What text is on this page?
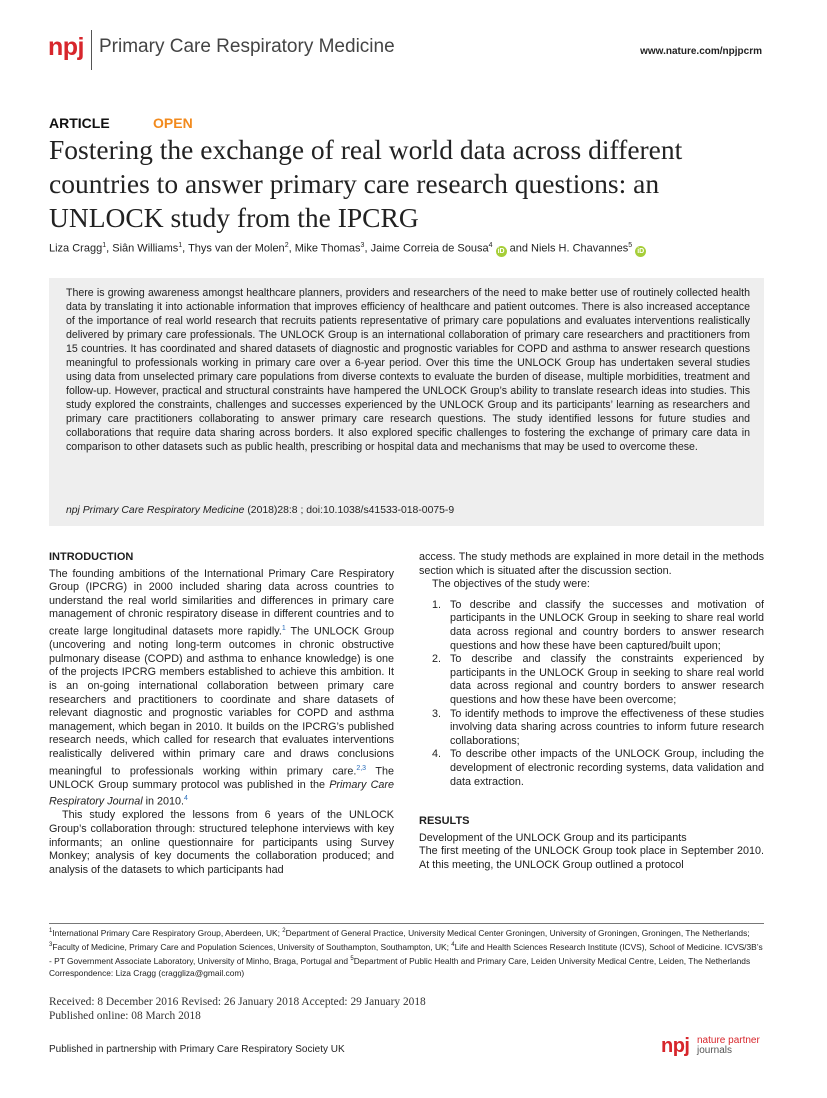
npj Primary Care Respiratory Medicine	www.nature.com/npjpcrm
ARTICLE	OPEN
Fostering the exchange of real world data across different countries to answer primary care research questions: an UNLOCK study from the IPCRG
Liza Cragg$^1$, Siân Williams$^1$, Thys van der Molen$^2$, Mike Thomas$^3$, Jaime Correia de Sousa$^4$ iD and Niels H. Chavannes$^5$ iD
There is growing awareness amongst healthcare planners, providers and researchers of the need to make better use of routinely collected health data by translating it into actionable information that improves efficiency of healthcare and patient outcomes. There is also increased acceptance of the importance of real world research that recruits patients representative of primary care populations and evaluates interventions realistically delivered by primary care professionals. The UNLOCK Group is an international collaboration of primary care researchers and practitioners from 15 countries. It has coordinated and shared datasets of diagnostic and prognostic variables for COPD and asthma to answer research questions meaningful to professionals working in primary care over a 6-year period. Over this time the UNLOCK Group has undertaken several studies using data from unselected primary care populations from diverse contexts to evaluate the burden of disease, multiple morbidities, treatment and follow-up. However, practical and structural constraints have hampered the UNLOCK Group’s ability to translate research ideas into studies. This study explored the constraints, challenges and successes experienced by the UNLOCK Group and its participants’ learning as researchers and primary care practitioners collaborating to answer primary care research questions. The study identified lessons for future studies and collaborations that require data sharing across borders. It also explored specific challenges to fostering the exchange of primary care data in comparison to other datasets such as public health, prescribing or hospital data and mechanisms that may be used to overcome these.
npj Primary Care Respiratory Medicine (2018)28:8 ; doi:10.1038/s41533-018-0075-9
INTRODUCTION

The founding ambitions of the International Primary Care Respiratory Group (IPCRG) in 2000 included sharing data across countries to understand the real world similarities and differences in primary care management of chronic respiratory disease in different countries and to create large longitudinal datasets more rapidly.$^1$ The UNLOCK Group (uncovering and noting long-term outcomes in chronic obstructive pulmonary disease (COPD) and asthma to enhance knowledge) is one of the projects IPCRG members established to achieve this ambition. It is an on-going international collaboration between primary care researchers and practitioners to coordinate and share datasets of relevant diagnostic and prognostic variables for COPD and asthma management, which began in 2010. It builds on the IPCRG’s published research needs, which called for research that evaluates interventions realistically delivered within primary care and draws conclusions meaningful to professionals working within primary care.$^{2,3}$ The UNLOCK Group summary protocol was published in the Primary Care Respiratory Journal in 2010.$^4$

This study explored the lessons from 6 years of the UNLOCK Group’s collaboration through: structured telephone interviews with key informants; an online questionnaire for participants using Survey Monkey; analysis of key documents the collaboration produced; and analysis of the datasets to which participants had

access. The study methods are explained in more detail in the methods section which is situated after the discussion section.

The objectives of the study were:

1. To describe and classify the successes and motivation of participants in the UNLOCK Group in seeking to share real world data across regional and country borders to answer research questions and how these have been captured/built upon;
2. To describe and classify the constraints experienced by participants in the UNLOCK Group in seeking to share real world data across regional and country borders to answer research questions and how these have been overcome;
3. To identify methods to improve the effectiveness of these studies involving data sharing across countries to inform future research collaborations;
4. To describe other impacts of the UNLOCK Group, including the development of electronic recording systems, data validation and data extraction.
RESULTS

Development of the UNLOCK Group and its participants

The first meeting of the UNLOCK Group took place in September 2010. At this meeting, the UNLOCK Group outlined a protocol

$^1$International Primary Care Respiratory Group, Aberdeen, UK; $^2$Department of General Practice, University Medical Center Groningen, University of Groningen, Groningen, The Netherlands; $^3$Faculty of Medicine, Primary Care and Population Sciences, University of Southampton, Southampton, UK; $^4$Life and Health Sciences Research Institute (ICVS), School of Medicine. ICVS/3B’s - PT Government Associate Laboratory, University of Minho, Braga, Portugal and $^5$Department of Public Health and Primary Care, Leiden University Medical Centre, Leiden, The Netherlands
Correspondence: Liza Cragg (cragglizа@gmail.com)
Received: 8 December 2016 Revised: 26 January 2018 Accepted: 29 January 2018
Published online: 08 March 2018
Published in partnership with Primary Care Respiratory Society UK	npj nature partner
journals
